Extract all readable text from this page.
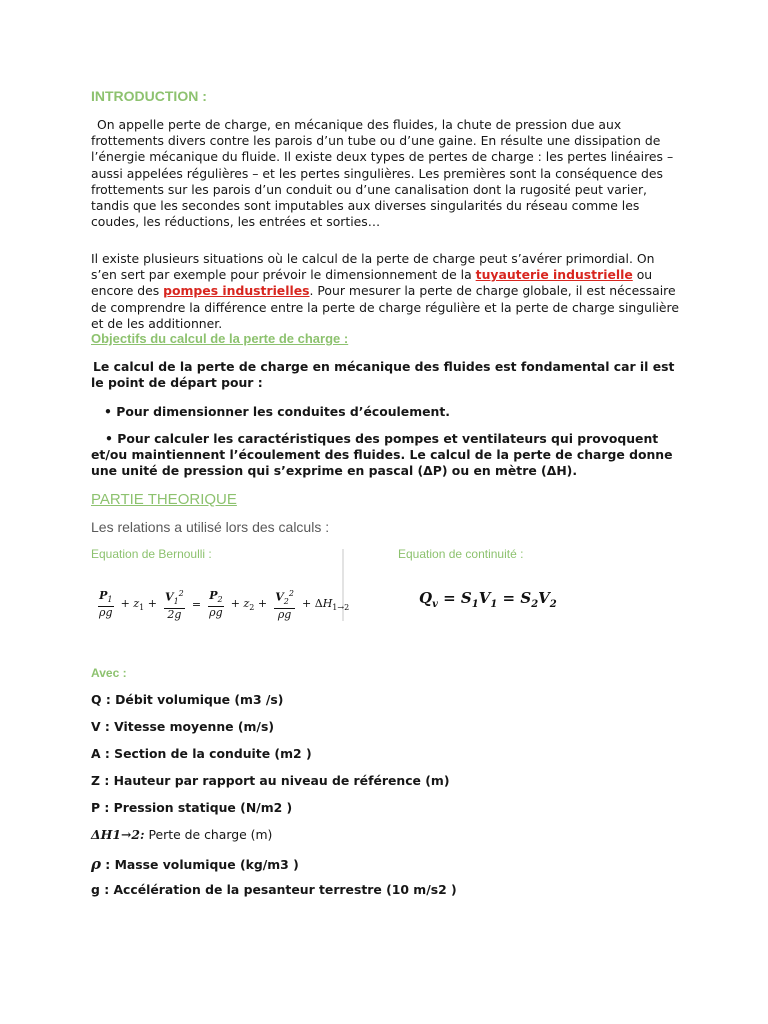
INTRODUCTION :
On appelle perte de charge, en mécanique des fluides, la chute de pression due aux frottements divers contre les parois d’un tube ou d’une gaine. En résulte une dissipation de l’énergie mécanique du fluide. Il existe deux types de pertes de charge : les pertes linéaires – aussi appelées régulières – et les pertes singulières. Les premières sont la conséquence des frottements sur les parois d’un conduit ou d’une canalisation dont la rugosité peut varier, tandis que les secondes sont imputables aux diverses singularités du réseau comme les coudes, les réductions, les entrées et sorties…
Il existe plusieurs situations où le calcul de la perte de charge peut s’avérer primordial. On s’en sert par exemple pour prévoir le dimensionnement de la tuyauterie industrielle ou encore des pompes industrielles. Pour mesurer la perte de charge globale, il est nécessaire de comprendre la différence entre la perte de charge régulière et la perte de charge singulière et de les additionner.
Objectifs du calcul de la perte de charge :
Le calcul de la perte de charge en mécanique des fluides est fondamental car il est le point de départ pour :
• Pour dimensionner les conduites d’écoulement.
• Pour calculer les caractéristiques des pompes et ventilateurs qui provoquent et/ou maintiennent l’écoulement des fluides. Le calcul de la perte de charge donne une unité de pression qui s’exprime en pascal (ΔP) ou en mètre (ΔH).
PARTIE THEORIQUE
Les relations a utilisé lors des calculs :
Equation de Bernoulli :	Equation de continuité :
$\frac{P_1}{\rho g} + z_1 + \frac{V_1^2}{2g} = \frac{P_2}{\rho g} + z_2 + \frac{V_2^2}{\rho g} + \Delta H_{1\to 2}$
$Q_v = S_1V_1 = S_2V_2$
Avec :
Q : Débit volumique (m3 /s)
V : Vitesse moyenne (m/s)
A : Section de la conduite (m2 )
Z : Hauteur par rapport au niveau de référence (m)
P : Pression statique (N/m2 )
ΔH1→2: Perte de charge (m)
ρ : Masse volumique (kg/m3 )
g : Accélération de la pesanteur terrestre (10 m/s2 )
